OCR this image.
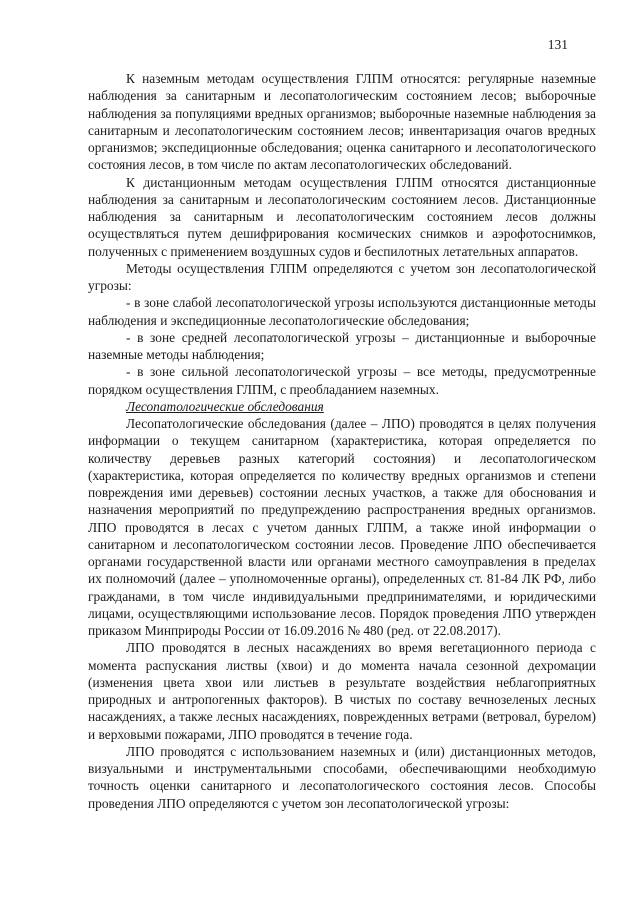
131

К наземным методам осуществления ГЛПМ относятся: регулярные наземные наблюдения за санитарным и лесопатологическим состоянием лесов; выборочные наблюдения за популяциями вредных организмов; выборочные наземные наблюдения за санитарным и лесопатологическим состоянием лесов; инвентаризация очагов вредных организмов; экспедиционные обследования; оценка санитарного и лесопатологического состояния лесов, в том числе по актам лесопатологических обследований.

К дистанционным методам осуществления ГЛПМ относятся дистанционные наблюдения за санитарным и лесопатологическим состоянием лесов. Дистанционные наблюдения за санитарным и лесопатологическим состоянием лесов должны осуществляться путем дешифрирования космических снимков и аэрофотоснимков, полученных с применением воздушных судов и беспилотных летательных аппаратов.

Методы осуществления ГЛПМ определяются с учетом зон лесопатологической угрозы:

- в зоне слабой лесопатологической угрозы используются дистанционные методы наблюдения и экспедиционные лесопатологические обследования;

- в зоне средней лесопатологической угрозы – дистанционные и выборочные наземные методы наблюдения;

- в зоне сильной лесопатологической угрозы – все методы, предусмотренные порядком осуществления ГЛПМ, с преобладанием наземных.

Лесопатологические обследования

Лесопатологические обследования (далее – ЛПО) проводятся в целях получения информации о текущем санитарном (характеристика, которая определяется по количеству деревьев разных категорий состояния) и лесопатологическом (характеристика, которая определяется по количеству вредных организмов и степени повреждения ими деревьев) состоянии лесных участков, а также для обоснования и назначения мероприятий по предупреждению распространения вредных организмов. ЛПО проводятся в лесах с учетом данных ГЛПМ, а также иной информации о санитарном и лесопатологическом состоянии лесов. Проведение ЛПО обеспечивается органами государственной власти или органами местного самоуправления в пределах их полномочий (далее – уполномоченные органы), определенных ст. 81-84 ЛК РФ, либо гражданами, в том числе индивидуальными предпринимателями, и юридическими лицами, осуществляющими использование лесов. Порядок проведения ЛПО утвержден приказом Минприроды России от 16.09.2016 № 480 (ред. от 22.08.2017).

ЛПО проводятся в лесных насаждениях во время вегетационного периода с момента распускания листвы (хвои) и до момента начала сезонной дехромации (изменения цвета хвои или листьев в результате воздействия неблагоприятных природных и антропогенных факторов). В чистых по составу вечнозеленых лесных насаждениях, а также лесных насаждениях, поврежденных ветрами (ветровал, бурелом) и верховыми пожарами, ЛПО проводятся в течение года.

ЛПО проводятся с использованием наземных и (или) дистанционных методов, визуальными и инструментальными способами, обеспечивающими необходимую точность оценки санитарного и лесопатологического состояния лесов. Способы проведения ЛПО определяются с учетом зон лесопатологической угрозы:
